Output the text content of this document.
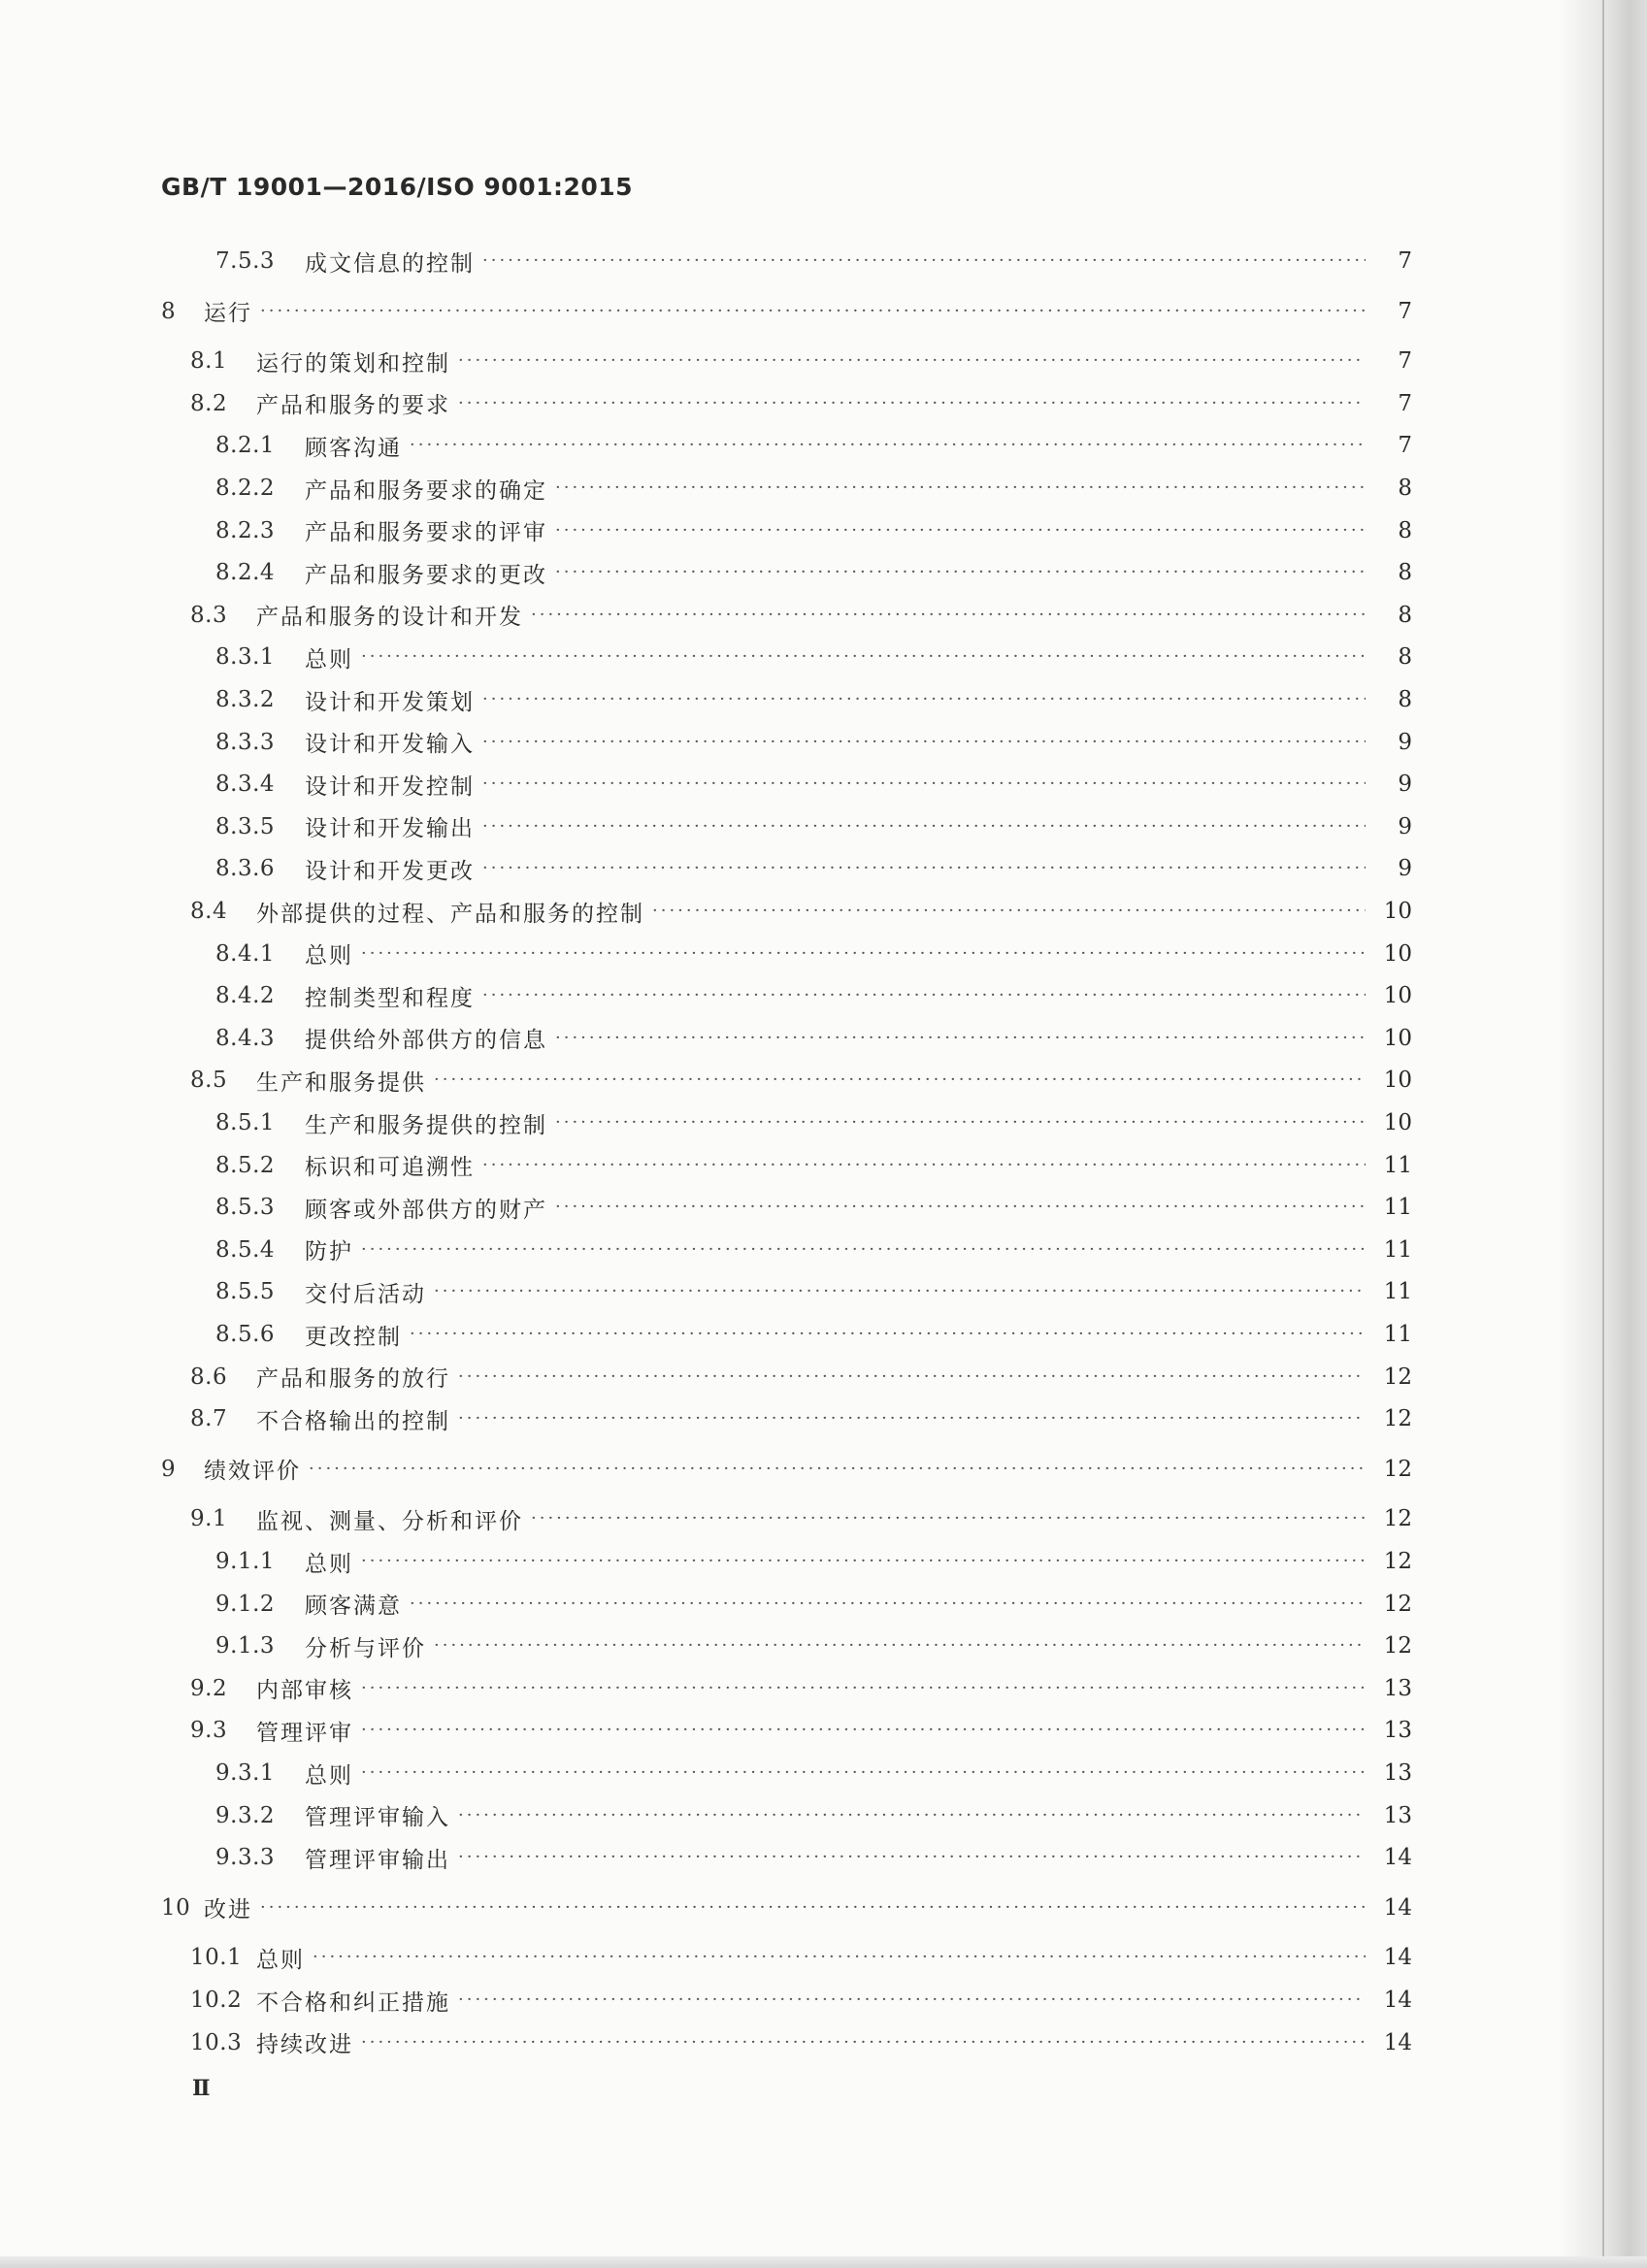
GB/T 19001—2016/ISO 9001:2015
7.5.3	成文信息的控制 ·····	7
8	运行 ·····	7
8.1	运行的策划和控制 ·····	7
8.2	产品和服务的要求 ·····	7
8.2.1	顾客沟通 ·····	7
8.2.2	产品和服务要求的确定 ·····	8
8.2.3	产品和服务要求的评审 ·····	8
8.2.4	产品和服务要求的更改 ·····	8
8.3	产品和服务的设计和开发 ·····	8
8.3.1	总则 ·····	8
8.3.2	设计和开发策划 ·····	8
8.3.3	设计和开发输入 ·····	9
8.3.4	设计和开发控制 ·····	9
8.3.5	设计和开发输出 ·····	9
8.3.6	设计和开发更改 ·····	9
8.4	外部提供的过程、产品和服务的控制 ·····	10
8.4.1	总则 ·····	10
8.4.2	控制类型和程度 ·····	10
8.4.3	提供给外部供方的信息 ·····	10
8.5	生产和服务提供 ·····	10
8.5.1	生产和服务提供的控制 ·····	10
8.5.2	标识和可追溯性 ·····	11
8.5.3	顾客或外部供方的财产 ·····	11
8.5.4	防护 ·····	11
8.5.5	交付后活动 ·····	11
8.5.6	更改控制 ·····	11
8.6	产品和服务的放行 ·····	12
8.7	不合格输出的控制 ·····	12
9	绩效评价 ·····	12
9.1	监视、测量、分析和评价 ·····	12
9.1.1	总则 ·····	12
9.1.2	顾客满意 ·····	12
9.1.3	分析与评价 ·····	12
9.2	内部审核 ·····	13
9.3	管理评审 ·····	13
9.3.1	总则 ·····	13
9.3.2	管理评审输入 ·····	13
9.3.3	管理评审输出 ·····	14
10 改进 ·····	14
10.1 总则 ·····	14
10.2 不合格和纠正措施 ·····	14
10.3 持续改进 ·····	14
Ⅱ
